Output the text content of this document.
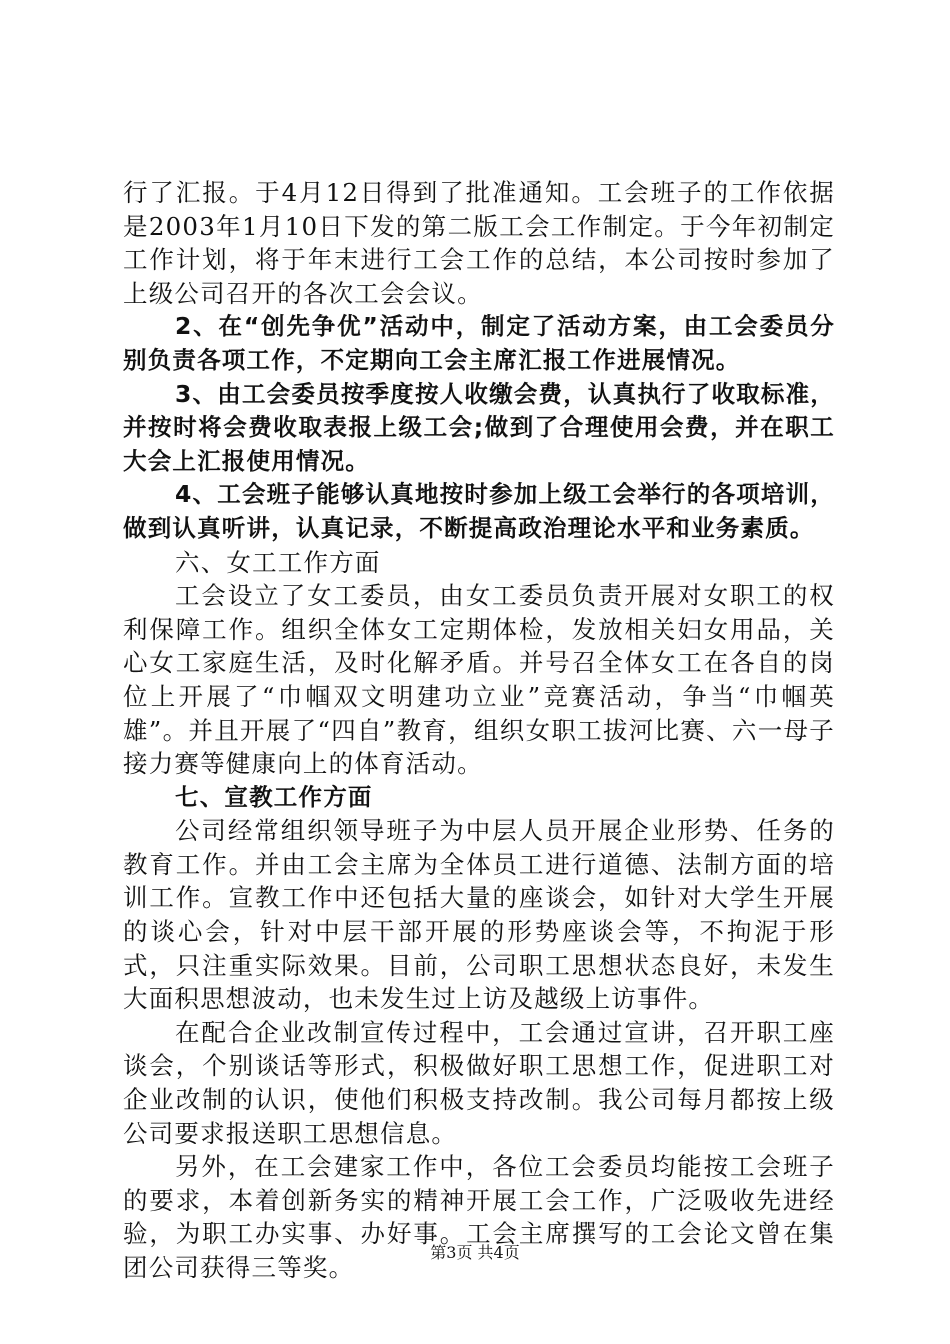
行了汇报。于4月12日得到了批准通知。工会班子的工作依据是2003年1月10日下发的第二版工会工作制定。于今年初制定工作计划，将于年末进行工会工作的总结，本公司按时参加了上级公司召开的各次工会会议。

2、在“创先争优”活动中，制定了活动方案，由工会委员分别负责各项工作，不定期向工会主席汇报工作进展情况。

3、由工会委员按季度按人收缴会费，认真执行了收取标准，并按时将会费收取表报上级工会;做到了合理使用会费，并在职工大会上汇报使用情况。

4、工会班子能够认真地按时参加上级工会举行的各项培训，做到认真听讲，认真记录，不断提高政治理论水平和业务素质。

六、女工工作方面

工会设立了女工委员，由女工委员负责开展对女职工的权利保障工作。组织全体女工定期体检，发放相关妇女用品，关心女工家庭生活，及时化解矛盾。并号召全体女工在各自的岗位上开展了“巾帼双文明建功立业”竞赛活动，争当“巾帼英雄”。并且开展了“四自”教育，组织女职工拔河比赛、六一母子接力赛等健康向上的体育活动。

七、宣教工作方面

公司经常组织领导班子为中层人员开展企业形势、任务的教育工作。并由工会主席为全体员工进行道德、法制方面的培训工作。宣教工作中还包括大量的座谈会，如针对大学生开展的谈心会，针对中层干部开展的形势座谈会等，不拘泥于形式，只注重实际效果。目前，公司职工思想状态良好，未发生大面积思想波动，也未发生过上访及越级上访事件。

在配合企业改制宣传过程中，工会通过宣讲，召开职工座谈会，个别谈话等形式，积极做好职工思想工作，促进职工对企业改制的认识，使他们积极支持改制。我公司每月都按上级公司要求报送职工思想信息。

另外，在工会建家工作中，各位工会委员均能按工会班子的要求，本着创新务实的精神开展工会工作，广泛吸收先进经验，为职工办实事、办好事。工会主席撰写的工会论文曾在集团公司获得三等奖。

第3页 共4页
